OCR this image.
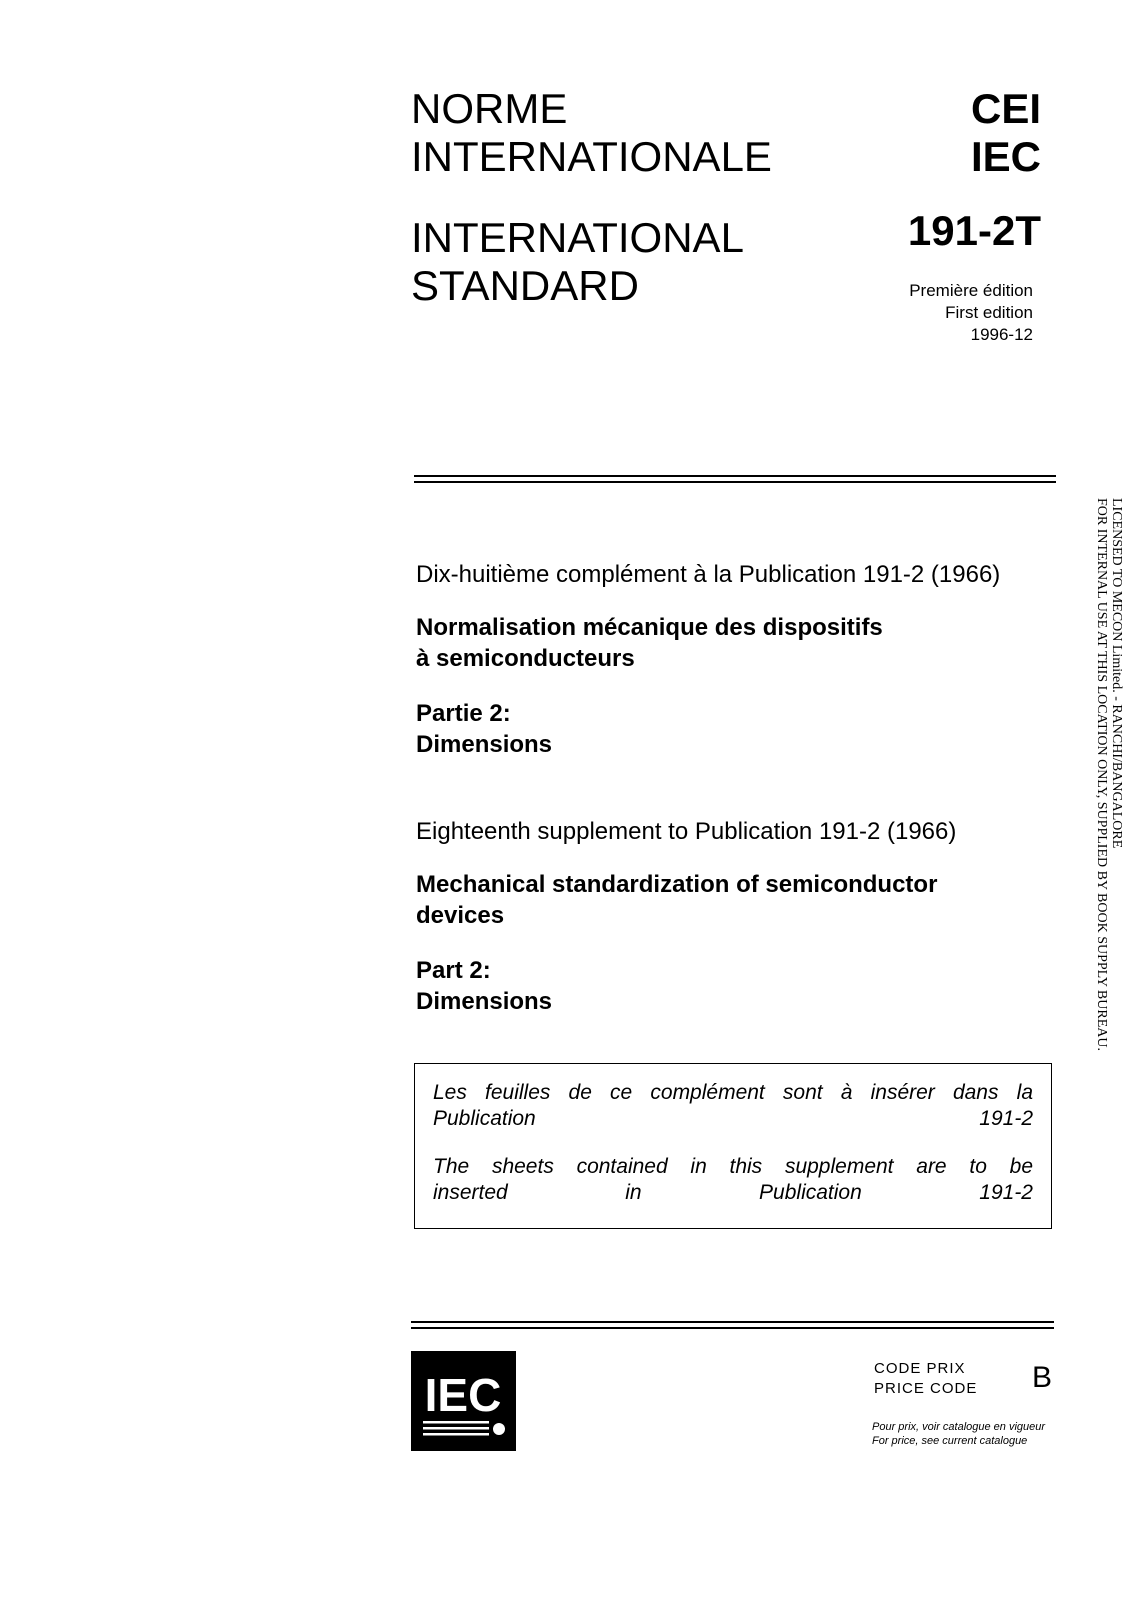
NORME
INTERNATIONALE
INTERNATIONAL
STANDARD
CEI
IEC
191-2T
Première édition
First edition
1996-12
Dix-huitième complément à la Publication 191-2 (1966)
Normalisation mécanique des dispositifs
à semiconducteurs
Partie 2:
Dimensions
Eighteenth supplement to Publication 191-2 (1966)
Mechanical standardization of semiconductor
devices
Part 2:
Dimensions

Les feuilles de ce complément sont à insérer dans la
Publication 191-2

The sheets contained in this supplement are to be
inserted in Publication 191-2

IEC
CODE PRIX
PRICE CODE B
Pour prix, voir catalogue en vigueur
For price, see current catalogue
LICENSED TO MECON Limited. - RANCHI/BANGALORE
FOR INTERNAL USE AT THIS LOCATION ONLY, SUPPLIED BY BOOK SUPPLY BUREAU.
